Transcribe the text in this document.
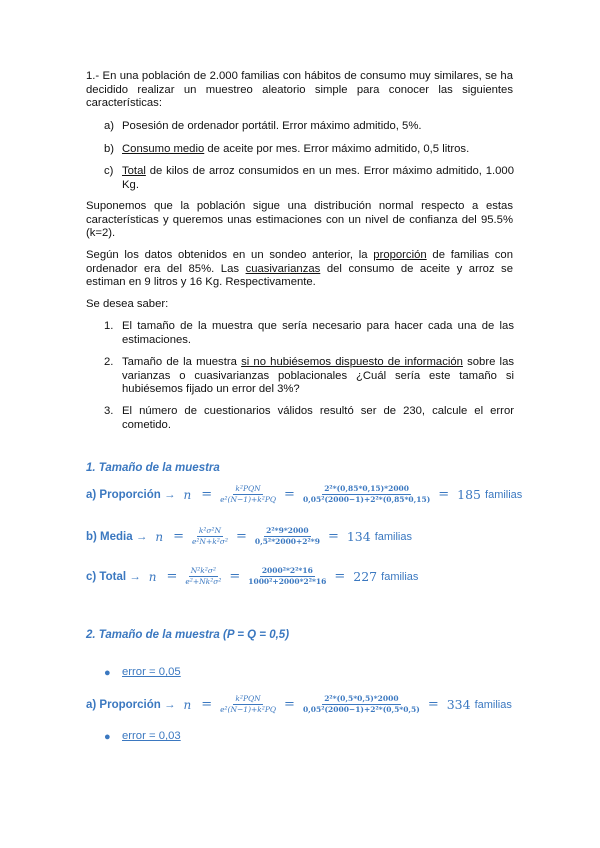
1.- En una población de 2.000 familias con hábitos de consumo muy similares, se ha decidido realizar un muestreo aleatorio simple para conocer las siguientes características:
a) Posesión de ordenador portátil. Error máximo admitido, 5%.
b) Consumo medio de aceite por mes. Error máximo admitido, 0,5 litros.
c) Total de kilos de arroz consumidos en un mes. Error máximo admitido, 1.000 Kg.
Suponemos que la población sigue una distribución normal respecto a estas características y queremos unas estimaciones con un nivel de confianza del 95.5% (k=2).
Según los datos obtenidos en un sondeo anterior, la proporción de familias con ordenador era del 85%. Las cuasivarianzas del consumo de aceite y arroz se estiman en 9 litros y 16 Kg. Respectivamente.
Se desea saber:
1. El tamaño de la muestra que sería necesario para hacer cada una de las estimaciones.
2. Tamaño de la muestra si no hubiésemos dispuesto de información sobre las varianzas o cuasivarianzas poblacionales ¿Cuál sería este tamaño si hubiésemos fijado un error del 3%?
3. El número de cuestionarios válidos resultó ser de 230, calcule el error cometido.
1. Tamaño de la muestra
a) Proporción → $n = \frac{\text{k²PQN}}{\text{e²(N−1)+k²PQ}} = \frac{\text{2²*(0,85*0,15)*2000}}{\text{0,05²(2000−1)+2²*(0,85*0,15)}} = 185$ familias
b) Media → $n = \frac{\text{k²σ²N}}{\text{e²N+k²σ²}} = \frac{\text{2²*9*2000}}{\text{0,5²*2000+2²*9}} = 134$ familias
c) Total → $n = \frac{\text{N²k²σ²}}{\text{e²+Nk²σ²}} = \frac{\text{2000²*2²*16}}{\text{1000²+2000*2²*16}} = 227$ familias
2. Tamaño de la muestra (P = Q = 0,5)
● error = 0,05
a) Proporción → $n = \frac{\text{k²PQN}}{\text{e²(N−1)+k²PQ}} = \frac{\text{2²*(0,5*0,5)*2000}}{\text{0,05²(2000−1)+2²*(0,5*0,5)}} = 334$ familias
● error = 0,03
